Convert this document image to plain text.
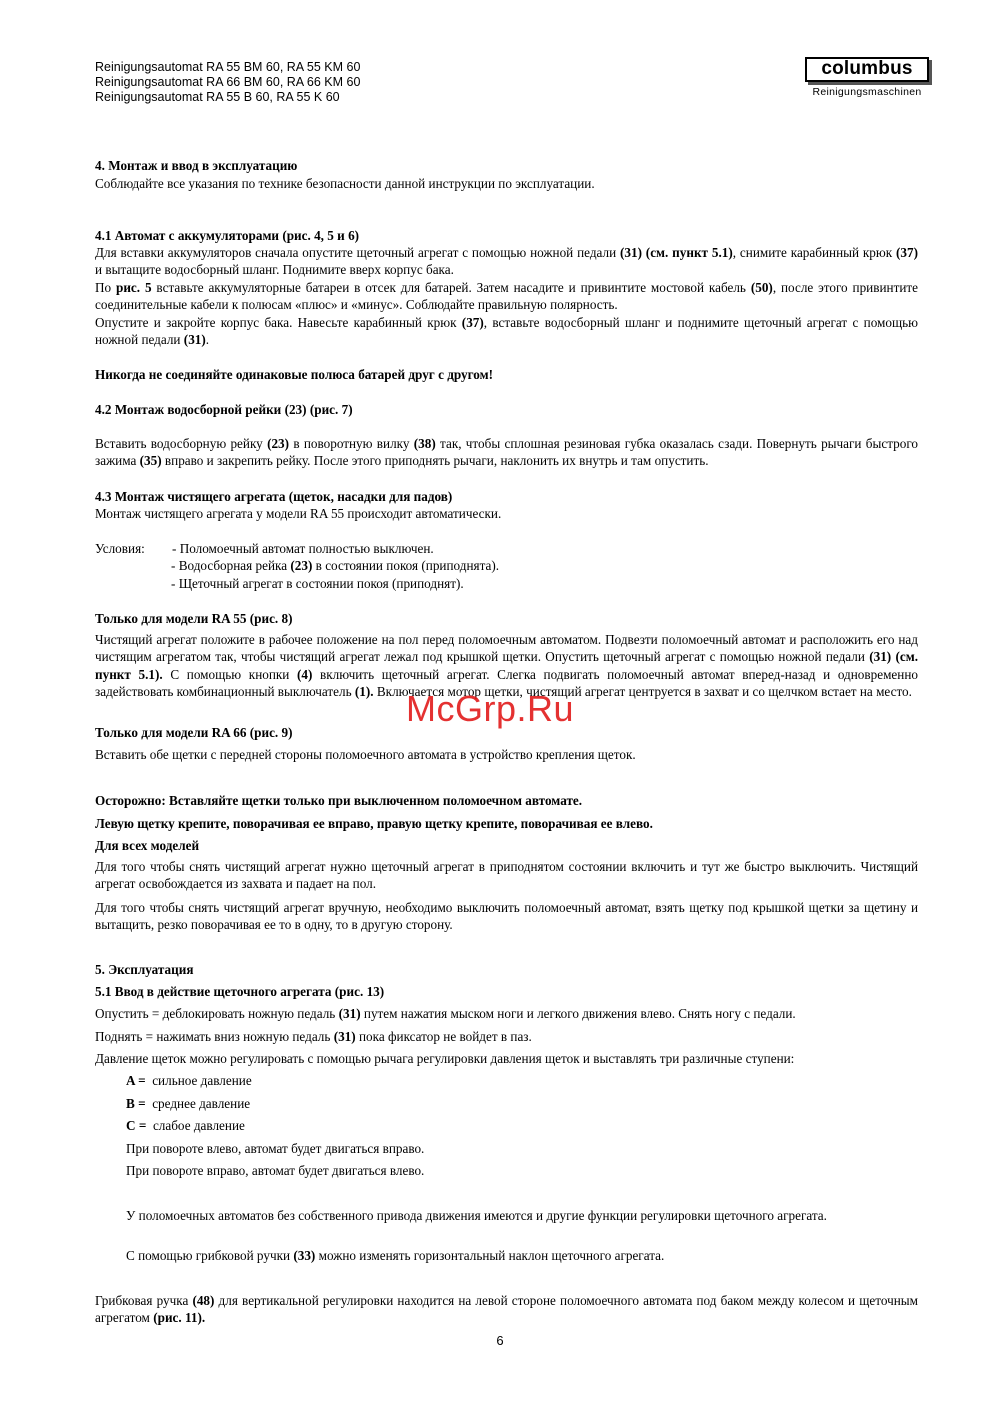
Reinigungsautomat RA 55 BM 60, RA 55 KM 60
Reinigungsautomat RA 66 BM 60, RA 66 KM 60
Reinigungsautomat RA 55 B 60, RA 55 K 60
columbus
Reinigungsmaschinen

4. Монтаж и ввод в эксплуатацию

Соблюдайте все указания по технике безопасности данной инструкции по эксплуатации.

4.1 Автомат с аккумуляторами (рис. 4, 5 и 6)

Для вставки аккумуляторов сначала опустите щеточный агрегат с помощью ножной педали (31) (см. пункт 5.1), снимите карабинный крюк (37) и вытащите водосборный шланг. Поднимите вверх корпус бака.

По рис. 5 вставьте аккумуляторные батареи в отсек для батарей. Затем насадите и привинтите мостовой кабель (50), после этого привинтите соединительные кабели к полюсам «плюс» и «минус». Соблюдайте правильную полярность.

Опустите и закройте корпус бака. Навесьте карабинный крюк (37), вставьте водосборный шланг и поднимите щеточный агрегат с помощью ножной педали (31).

Никогда не соединяйте одинаковые полюса батарей друг с другом!

4.2 Монтаж водосборной рейки (23) (рис. 7)

Вставить водосборную рейку (23) в поворотную вилку (38) так, чтобы сплошная резиновая губка оказалась сзади. Повернуть рычаги быстрого зажима (35) вправо и закрепить рейку. После этого приподнять рычаги, наклонить их внутрь и там опустить.

4.3 Монтаж чистящего агрегата (щеток, насадки для падов)

Монтаж чистящего агрегата у модели RA 55 происходит автоматически.

Условия:	- Поломоечный автомат полностью выключен.

- Водосборная рейка (23) в состоянии покоя (приподнята).

- Щеточный агрегат в состоянии покоя (приподнят).

Только для модели RA 55 (рис. 8)

Чистящий агрегат положите в рабочее положение на пол перед поломоечным автоматом. Подвезти поломоечный автомат и расположить его над чистящим агрегатом так, чтобы чистящий агрегат лежал под крышкой щетки. Опустить щеточный агрегат с помощью ножной педали (31) (см. пункт 5.1). С помощью кнопки (4) включить щеточный агрегат. Слегка подвигать поломоечный автомат вперед-назад и одновременно задействовать комбинационный выключатель (1). Включается мотор щетки, чистящий агрегат центруется в захват и со щелчком встает на место.

Только для модели RA 66 (рис. 9)

Вставить обе щетки с передней стороны поломоечного автомата в устройство крепления щеток.

Осторожно: Вставляйте щетки только при выключенном поломоечном автомате.

Левую щетку крепите, поворачивая ее вправо, правую щетку крепите, поворачивая ее влево.

Для всех моделей

Для того чтобы снять чистящий агрегат нужно щеточный агрегат в приподнятом состоянии включить и тут же быстро выключить. Чистящий агрегат освобождается из захвата и падает на пол.

Для того чтобы снять чистящий агрегат вручную, необходимо выключить поломоечный автомат, взять щетку под крышкой щетки за щетину и вытащить, резко поворачивая ее то в одну, то в другую сторону.

5. Эксплуатация

5.1 Ввод в действие щеточного агрегата (рис. 13)

Опустить = деблокировать ножную педаль (31) путем нажатия мыском ноги и легкого движения влево. Снять ногу с педали.

Поднять = нажимать вниз ножную педаль (31) пока фиксатор не войдет в паз.

Давление щеток можно регулировать с помощью рычага регулировки давления щеток и выставлять три различные ступени:

A = сильное давление

B = среднее давление

C = слабое давление

При повороте влево, автомат будет двигаться вправо.

При повороте вправо, автомат будет двигаться влево.

У поломоечных автоматов без собственного привода движения имеются и другие функции регулировки щеточного агрегата.

С помощью грибковой ручки (33) можно изменять горизонтальный наклон щеточного агрегата.

Грибковая ручка (48) для вертикальной регулировки находится на левой стороне поломоечного автомата под баком между колесом и щеточным агрегатом (рис. 11).

McGrp.Ru
6
